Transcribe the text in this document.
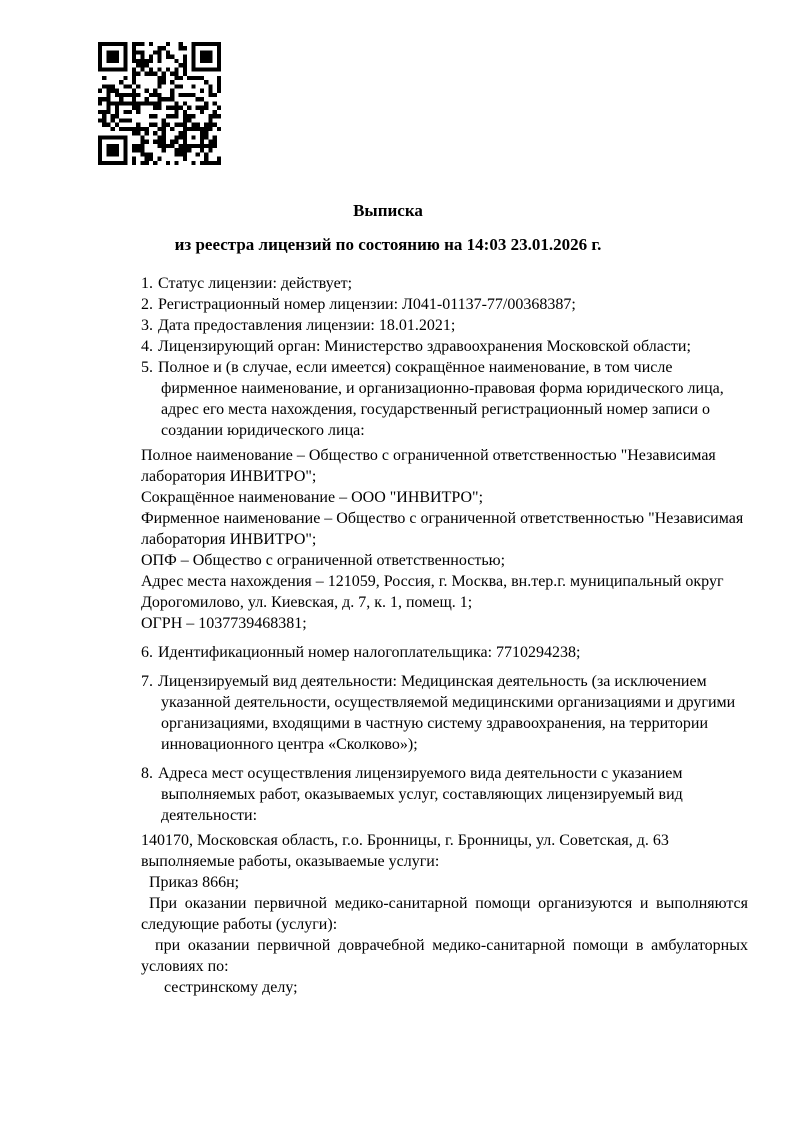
Выписка
из реестра лицензий по состоянию на 14:03 23.01.2026 г.

1. Статус лицензии: действует;

2. Регистрационный номер лицензии: Л041-01137-77/00368387;

3. Дата предоставления лицензии: 18.01.2021;

4. Лицензирующий орган: Министерство здравоохранения Московской области;

5. Полное и (в случае, если имеется) сокращённое наименование, в том числе фирменное наименование, и организационно-правовая форма юридического лица, адрес его места нахождения, государственный регистрационный номер записи о создании юридического лица:

Полное наименование – Общество с ограниченной ответственностью "Независимая лаборатория ИНВИТРО";

Сокращённое наименование – ООО "ИНВИТРО";

Фирменное наименование – Общество с ограниченной ответственностью "Независимая лаборатория ИНВИТРО";

ОПФ – Общество с ограниченной ответственностью;

Адрес места нахождения – 121059, Россия, г. Москва, вн.тер.г. муниципальный округ Дорогомилово, ул. Киевская, д. 7, к. 1, помещ. 1;

ОГРН – 1037739468381;

6. Идентификационный номер налогоплательщика: 7710294238;

7. Лицензируемый вид деятельности: Медицинская деятельность (за исключением указанной деятельности, осуществляемой медицинскими организациями и другими организациями, входящими в частную систему здравоохранения, на территории инновационного центра «Сколково»);

8. Адреса мест осуществления лицензируемого вида деятельности с указанием выполняемых работ, оказываемых услуг, составляющих лицензируемый вид деятельности:

140170, Московская область, г.о. Бронницы, г. Бронницы, ул. Советская, д. 63

выполняемые работы, оказываемые услуги:

Приказ 866н;

При оказании первичной медико-санитарной помощи организуются и выполняются следующие работы (услуги):

при оказании первичной доврачебной медико-санитарной помощи в амбулаторных условиях по:

сестринскому делу;
